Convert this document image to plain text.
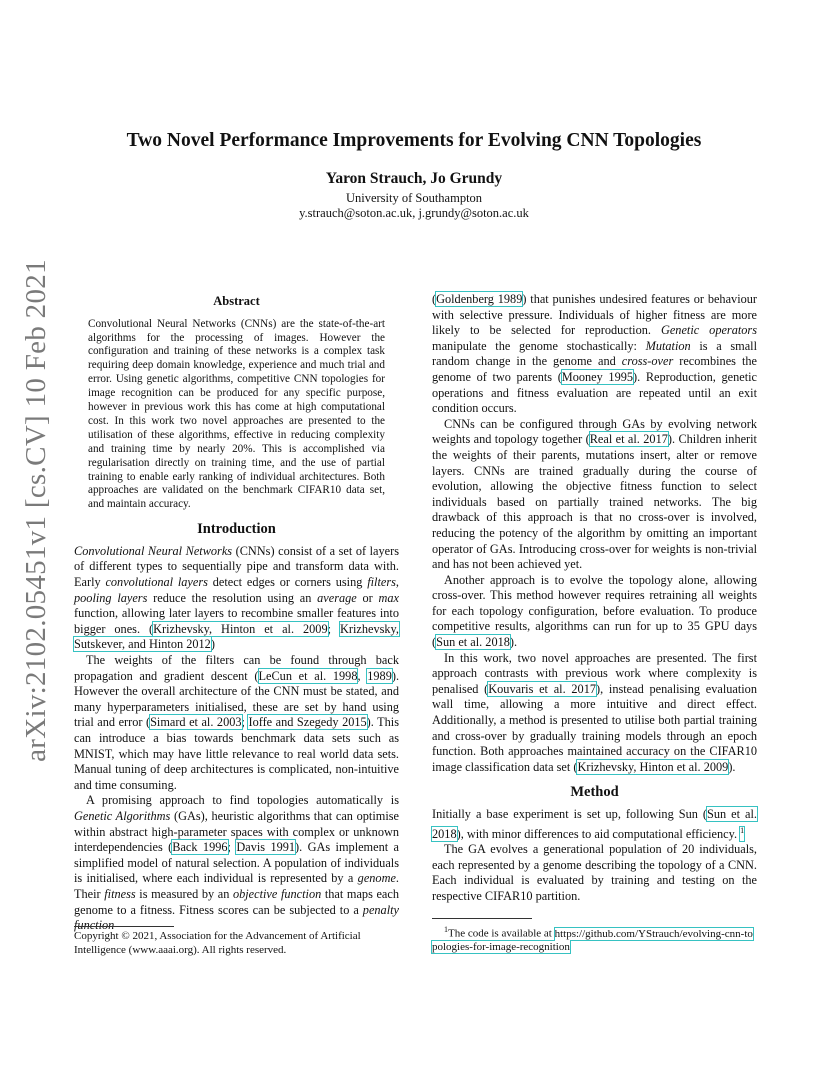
arXiv:2102.05451v1 [cs.CV] 10 Feb 2021
Two Novel Performance Improvements for Evolving CNN Topologies
Yaron Strauch, Jo Grundy
University of Southampton
y.strauch@soton.ac.uk, j.grundy@soton.ac.uk
Abstract

Convolutional Neural Networks (CNNs) are the state-of-the-art algorithms for the processing of images. However the configuration and training of these networks is a complex task requiring deep domain knowledge, experience and much trial and error. Using genetic algorithms, competitive CNN topologies for image recognition can be produced for any specific purpose, however in previous work this has come at high computational cost. In this work two novel approaches are presented to the utilisation of these algorithms, effective in reducing complexity and training time by nearly 20%. This is accomplished via regularisation directly on training time, and the use of partial training to enable early ranking of individual architectures. Both approaches are validated on the benchmark CIFAR10 data set, and maintain accuracy.

Introduction

Convolutional Neural Networks (CNNs) consist of a set of layers of different types to sequentially pipe and transform data with. Early convolutional layers detect edges or corners using filters, pooling layers reduce the resolution using an average or max function, allowing later layers to recombine smaller features into bigger ones. (Krizhevsky, Hinton et al. 2009; Krizhevsky, Sutskever, and Hinton 2012)

The weights of the filters can be found through back propagation and gradient descent (LeCun et al. 1998, 1989). However the overall architecture of the CNN must be stated, and many hyperparameters initialised, these are set by hand using trial and error (Simard et al. 2003; Ioffe and Szegedy 2015). This can introduce a bias towards benchmark data sets such as MNIST, which may have little relevance to real world data sets. Manual tuning of deep architectures is complicated, non-intuitive and time consuming.

A promising approach to find topologies automatically is Genetic Algorithms (GAs), heuristic algorithms that can optimise within abstract high-parameter spaces with complex or unknown interdependencies (Back 1996; Davis 1991). GAs implement a simplified model of natural selection. A population of individuals is initialised, where each individual is represented by a genome. Their fitness is measured by an objective function that maps each genome to a fitness. Fitness scores can be subjected to a penalty function

Copyright © 2021, Association for the Advancement of Artificial Intelligence (www.aaai.org). All rights reserved.

(Goldenberg 1989) that punishes undesired features or behaviour with selective pressure. Individuals of higher fitness are more likely to be selected for reproduction. Genetic operators manipulate the genome stochastically: Mutation is a small random change in the genome and cross-over recombines the genome of two parents (Mooney 1995). Reproduction, genetic operations and fitness evaluation are repeated until an exit condition occurs.

CNNs can be configured through GAs by evolving network weights and topology together (Real et al. 2017). Children inherit the weights of their parents, mutations insert, alter or remove layers. CNNs are trained gradually during the course of evolution, allowing the objective fitness function to select individuals based on partially trained networks. The big drawback of this approach is that no cross-over is involved, reducing the potency of the algorithm by omitting an important operator of GAs. Introducing cross-over for weights is non-trivial and has not been achieved yet.

Another approach is to evolve the topology alone, allowing cross-over. This method however requires retraining all weights for each topology configuration, before evaluation. To produce competitive results, algorithms can run for up to 35 GPU days (Sun et al. 2018).

In this work, two novel approaches are presented. The first approach contrasts with previous work where complexity is penalised (Kouvaris et al. 2017), instead penalising evaluation wall time, allowing a more intuitive and direct effect. Additionally, a method is presented to utilise both partial training and cross-over by gradually training models through an epoch function. Both approaches maintained accuracy on the CIFAR10 image classification data set (Krizhevsky, Hinton et al. 2009).

Method

Initially a base experiment is set up, following Sun (Sun et al. 2018), with minor differences to aid computational efficiency. $^1$

The GA evolves a generational population of 20 individuals, each represented by a genome describing the topology of a CNN. Each individual is evaluated by training and testing on the respective CIFAR10 partition.

$^1$The code is available at https://github.com/YStrauch/evolving-cnn-topologies-for-image-recognition
